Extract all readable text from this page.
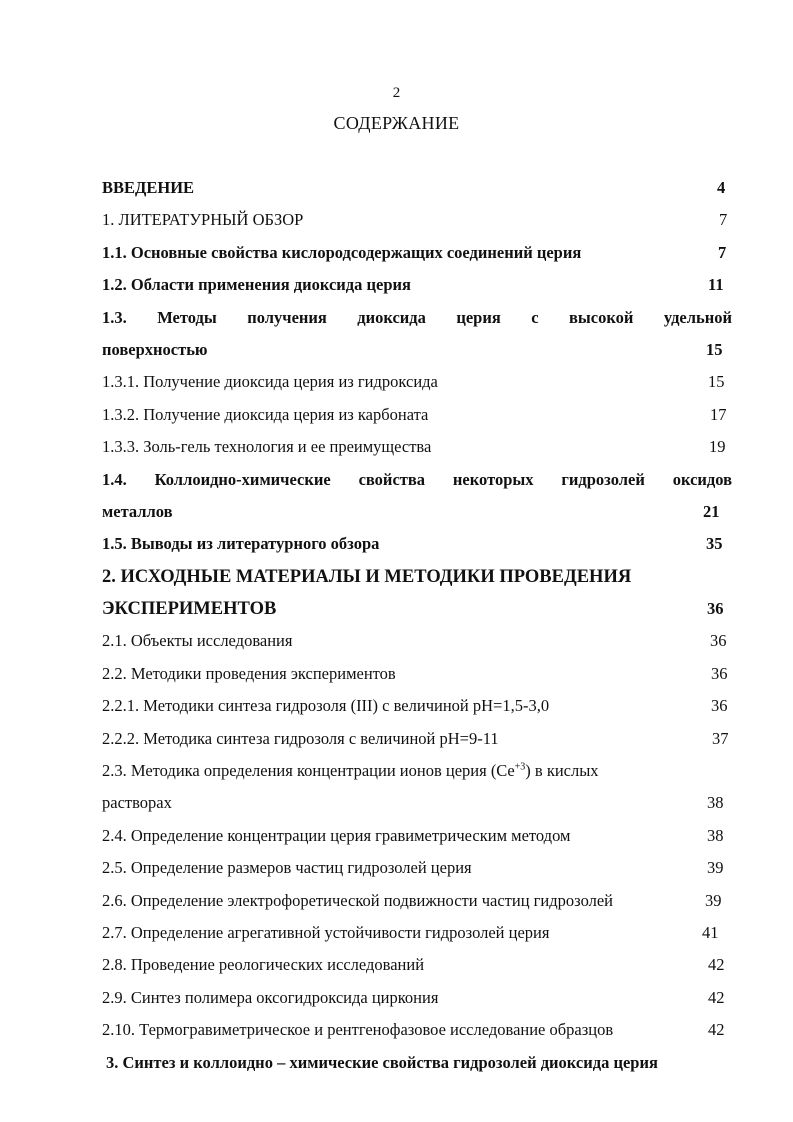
2
СОДЕРЖАНИЕ
ВВЕДЕНИЕ	4
1. ЛИТЕРАТУРНЫЙ ОБЗОР	7
1.1. Основные свойства кислородсодержащих соединений церия	7
1.2. Области применения диоксида церия	11
1.3. Методы получения диоксида церия с высокой удельной
поверхностью	15
1.3.1. Получение диоксида церия из гидроксида	15
1.3.2. Получение диоксида церия из карбоната	17
1.3.3. Золь-гель технология и ее преимущества	19
1.4. Коллоидно-химические свойства некоторых гидрозолей оксидов
металлов	21
1.5. Выводы из литературного обзора	35
2. ИСХОДНЫЕ МАТЕРИАЛЫ И МЕТОДИКИ ПРОВЕДЕНИЯ
ЭКСПЕРИМЕНТОВ	36
2.1. Объекты исследования	36
2.2. Методики проведения экспериментов	36
2.2.1. Методики синтеза гидрозоля (III) с величиной pH=1,5-3,0	36
2.2.2. Методика синтеза гидрозоля с величиной pH=9-11	37
2.3. Методика определения концентрации ионов церия $(Ce^{+3})$ в кислых
растворах	38
2.4. Определение концентрации церия гравиметрическим методом	38
2.5. Определение размеров частиц гидрозолей церия	39
2.6. Определение электрофоретической подвижности частиц гидрозолей	39
2.7. Определение агрегативной устойчивости гидрозолей церия	41
2.8. Проведение реологических исследований	42
2.9. Синтез полимера оксогидроксида циркония	42
2.10. Термогравиметрическое и рентгенофазовое исследование образцов	42
3. Синтез и коллоидно – химические свойства гидрозолей диоксида церия
